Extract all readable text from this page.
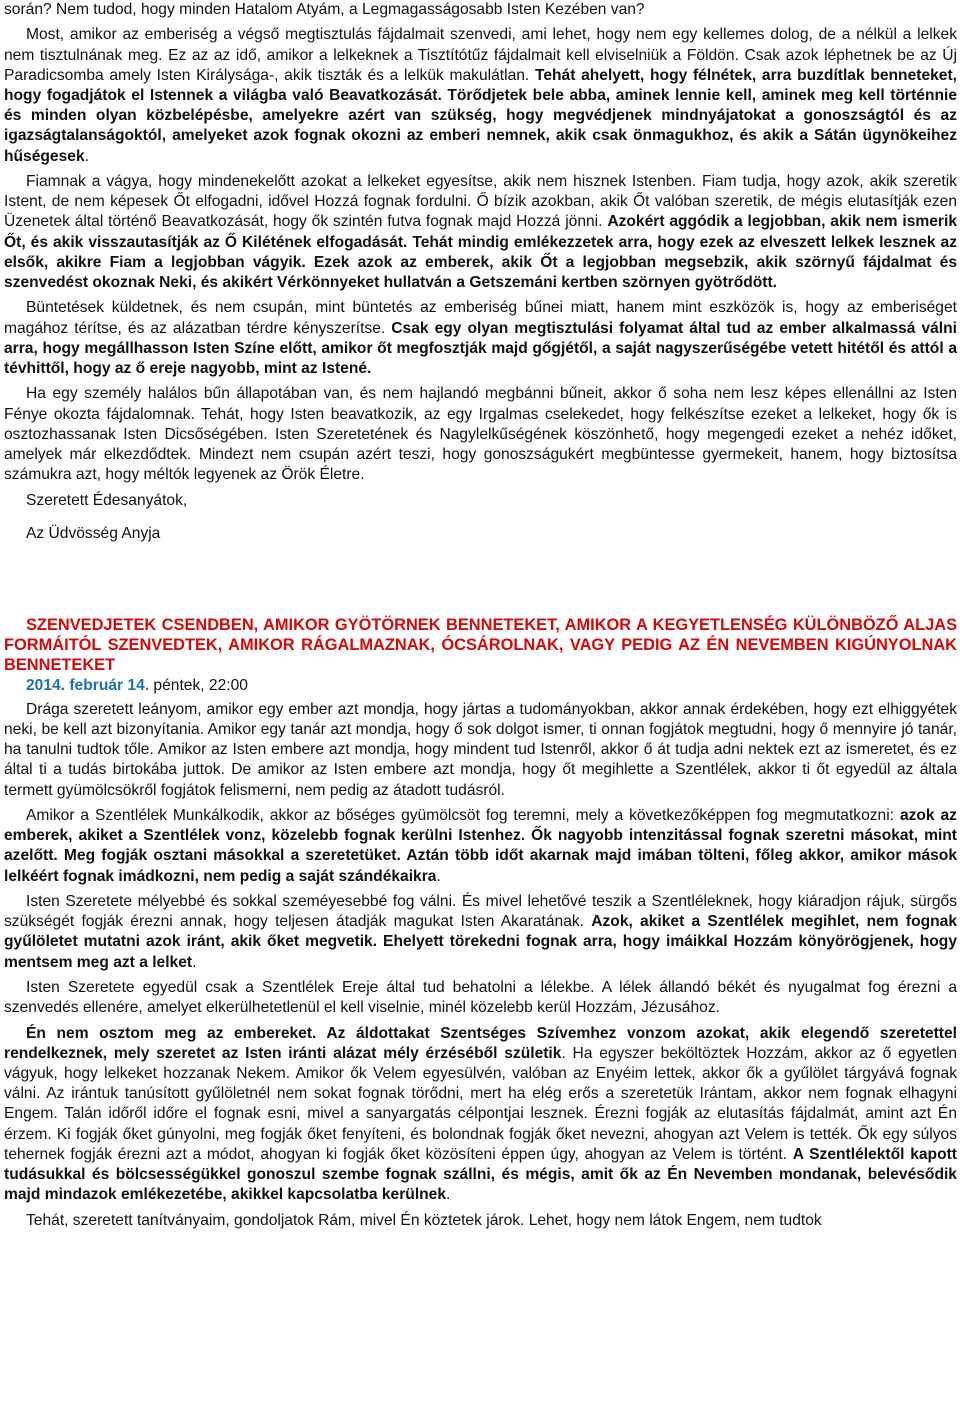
során? Nem tudod, hogy minden Hatalom Atyám, a Legmagasságosabb Isten Kezében van?

Most, amikor az emberiség a végső megtisztulás fájdalmait szenvedi, ami lehet, hogy nem egy kellemes dolog, de a nélkül a lelkek nem tisztulnának meg. Ez az az idő, amikor a lelkeknek a Tisztítótűz fájdalmait kell elviselniük a Földön. Csak azok léphetnek be az Új Paradicsomba amely Isten Királysága-, akik tiszták és a lelkük makulátlan. Tehát ahelyett, hogy félnétek, arra buzdítlak benneteket, hogy fogadjátok el Istennek a világba való Beavatkozását. Törődjetek bele abba, aminek lennie kell, aminek meg kell történnie és minden olyan közbelépésbe, amelyekre azért van szükség, hogy megvédjenek mindnyájatokat a gonoszságtól és az igazságtalanságoktól, amelyeket azok fognak okozni az emberi nemnek, akik csak önmagukhoz, és akik a Sátán ügynökeihez hűségesek.

Fiamnak a vágya, hogy mindenekelőtt azokat a lelkeket egyesítse, akik nem hisznek Istenben. Fiam tudja, hogy azok, akik szeretik Istent, de nem képesek Őt elfogadni, idővel Hozzá fognak fordulni. Ő bízik azokban, akik Őt valóban szeretik, de mégis elutasítják ezen Üzenetek által történő Beavatkozását, hogy ők szintén futva fognak majd Hozzá jönni. Azokért aggódik a legjobban, akik nem ismerik Őt, és akik visszautasítják az Ő Kilétének elfogadását. Tehát mindig emlékezzetek arra, hogy ezek az elveszett lelkek lesznek az elsők, akikre Fiam a legjobban vágyik. Ezek azok az emberek, akik Őt a legjobban megsebzik, akik szörnyű fájdalmat és szenvedést okoznak Neki, és akikért Vérkönnyeket hullatván a Getszemáni kertben szörnyen gyötrődött.

Büntetések küldetnek, és nem csupán, mint büntetés az emberiség bűnei miatt, hanem mint eszközök is, hogy az emberiséget magához térítse, és az alázatban térdre kényszerítse. Csak egy olyan megtisztulási folyamat által tud az ember alkalmassá válni arra, hogy megállhasson Isten Színe előtt, amikor őt megfosztják majd gőgjétől, a saját nagyszerűségébe vetett hitétől és attól a tévhittől, hogy az ő ereje nagyobb, mint az Istené.

Ha egy személy halálos bűn állapotában van, és nem hajlandó megbánni bűneit, akkor ő soha nem lesz képes ellenállni az Isten Fénye okozta fájdalomnak. Tehát, hogy Isten beavatkozik, az egy Irgalmas cselekedet, hogy felkészítse ezeket a lelkeket, hogy ők is osztozhassanak Isten Dicsőségében. Isten Szeretetének és Nagylelkűségének köszönhető, hogy megengedi ezeket a nehéz időket, amelyek már elkezdődtek. Mindezt nem csupán azért teszi, hogy gonoszságukért megbüntesse gyermekeit, hanem, hogy biztosítsa számukra azt, hogy méltók legyenek az Örök Életre.

Szeretett Édesanyátok,
Az Üdvösség Anyja
SZENVEDJETEK CSENDBEN, AMIKOR GYÖTÖRNEK BENNETEKET, AMIKOR A KEGYETLENSÉG KÜLÖNBÖZŐ ALJAS FORMÁITÓL SZENVEDTEK, AMIKOR RÁGALMAZNAK, ÓCSÁROLNAK, VAGY PEDIG AZ ÉN NEVEMBEN KIGÚNYOLNAK BENNETEKET
2014. február 14. péntek, 22:00

Drága szeretett leányom, amikor egy ember azt mondja, hogy jártas a tudományokban, akkor annak érdekében, hogy ezt elhiggyétek neki, be kell azt bizonyítania. Amikor egy tanár azt mondja, hogy ő sok dolgot ismer, ti onnan fogjátok megtudni, hogy ő mennyire jó tanár, ha tanulni tudtok tőle. Amikor az Isten embere azt mondja, hogy mindent tud Istenről, akkor ő át tudja adni nektek ezt az ismeretet, és ez által ti a tudás birtokába juttok. De amikor az Isten embere azt mondja, hogy őt megihlette a Szentlélek, akkor ti őt egyedül az általa termett gyümölcsökről fogjátok felismerni, nem pedig az átadott tudásról.

Amikor a Szentlélek Munkálkodik, akkor az bőséges gyümölcsöt fog teremni, mely a következőképpen fog megmutatkozni: azok az emberek, akiket a Szentlélek vonz, közelebb fognak kerülni Istenhez. Ők nagyobb intenzitással fognak szeretni másokat, mint azelőtt. Meg fogják osztani másokkal a szeretetüket. Aztán több időt akarnak majd imában tölteni, főleg akkor, amikor mások lelkéért fognak imádkozni, nem pedig a saját szándékaikra.

Isten Szeretete mélyebbé és sokkal szeméyesebbé fog válni. És mivel lehetővé teszik a Szentléleknek, hogy kiáradjon rájuk, sürgős szükségét fogják érezni annak, hogy teljesen átadják magukat Isten Akaratának. Azok, akiket a Szentlélek megihlet, nem fognak gyűlöletet mutatni azok iránt, akik őket megvetik. Ehelyett törekedni fognak arra, hogy imáikkal Hozzám könyörögjenek, hogy mentsem meg azt a lelket.

Isten Szeretete egyedül csak a Szentlélek Ereje által tud behatolni a lélekbe. A lélek állandó békét és nyugalmat fog érezni a szenvedés ellenére, amelyet elkerülhetetlenül el kell viselnie, minél közelebb kerül Hozzám, Jézusához.

Én nem osztom meg az embereket. Az áldottakat Szentséges Szívemhez vonzom azokat, akik elegendő szeretettel rendelkeznek, mely szeretet az Isten iránti alázat mély érzéséből születik. Ha egyszer beköltöztek Hozzám, akkor az ő egyetlen vágyuk, hogy lelkeket hozzanak Nekem. Amikor ők Velem egyesülvén, valóban az Enyéim lettek, akkor ők a gyűlölet tárgyává fognak válni. Az irántuk tanúsított gyűlöletnél nem sokat fognak törődni, mert ha elég erős a szeretetük Irántam, akkor nem fognak elhagyni Engem. Talán időről időre el fognak esni, mivel a sanyargatás célpontjai lesznek. Érezni fogják az elutasítás fájdalmát, amint azt Én érzem. Ki fogják őket gúnyolni, meg fogják őket fenyíteni, és bolondnak fogják őket nevezni, ahogyan azt Velem is tették. Ők egy súlyos tehernek fogják érezni azt a módot, ahogyan ki fogják őket közösíteni éppen úgy, ahogyan az Velem is történt. A Szentlélektől kapott tudásukkal és bölcsességükkel gonoszul szembe fognak szállni, és mégis, amit ők az Én Nevemben mondanak, belevésődik majd mindazok emlékezetébe, akikkel kapcsolatba kerülnek.

Tehát, szeretett tanítványaim, gondoljatok Rám, mivel Én köztetek járok. Lehet, hogy nem látok Engem, nem tudtok
